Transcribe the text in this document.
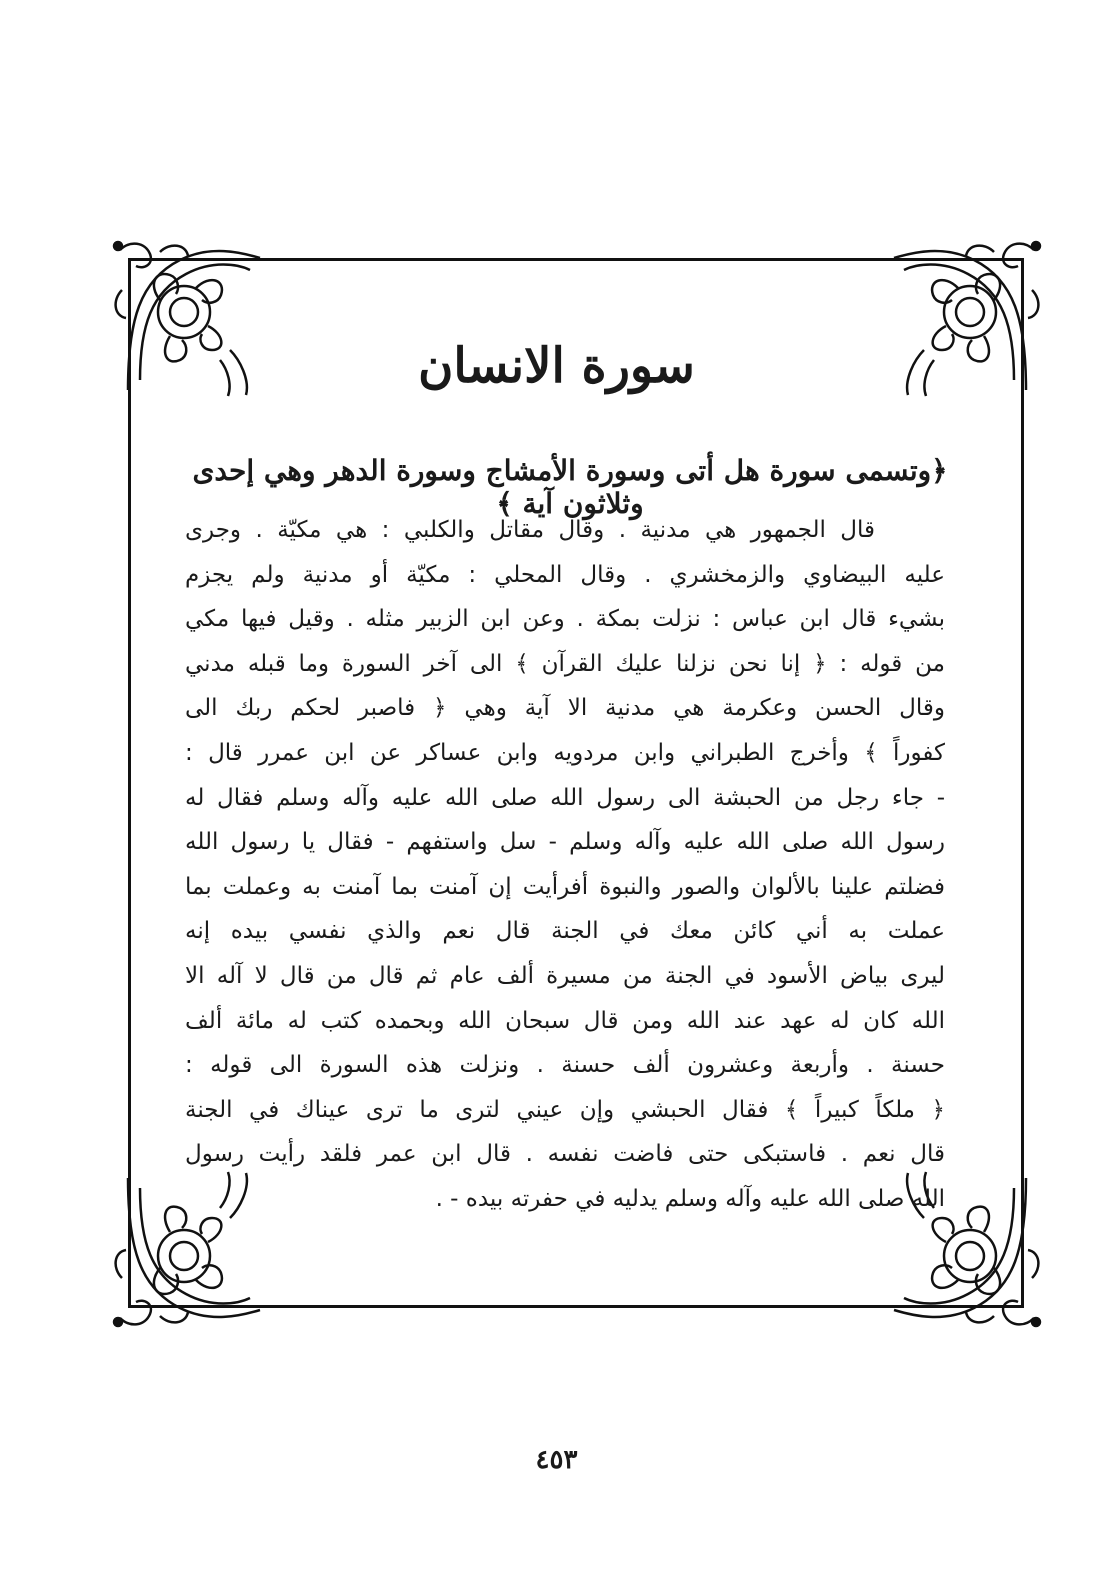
سورة الانسان
﴿وتسمى سورة هل أتى وسورة الأمشاج وسورة الدهر وهي إحدى وثلاثون آية ﴾
قال الجمهور هي مدنية . وقال مقاتل والكلبي : هي مكيّة . وجرى
عليه البيضاوي والزمخشري . وقال المحلي : مكيّة أو مدنية ولم يجزم
بشيء قال ابن عباس : نزلت بمكة . وعن ابن الزبير مثله . وقيل فيها مكي
من قوله : ﴿ إنا نحن نزلنا عليك القرآن ﴾ الى آخر السورة وما قبله مدني
وقال الحسن وعكرمة هي مدنية الا آية وهي ﴿ فاصبر لحكم ربك الى
كفوراً ﴾ وأخرج الطبراني وابن مردويه وابن عساكر عن ابن عمرر قال :
- جاء رجل من الحبشة الى رسول الله صلى الله عليه وآله وسلم فقال له
رسول الله صلى الله عليه وآله وسلم - سل واستفهم - فقال يا رسول الله
فضلتم علينا بالألوان والصور والنبوة أفرأيت إن آمنت بما آمنت به وعملت بما
عملت به أني كائن معك في الجنة قال نعم والذي نفسي بيده إنه
ليرى بياض الأسود في الجنة من مسيرة ألف عام ثم قال من قال لا آله الا
الله كان له عهد عند الله ومن قال سبحان الله وبحمده كتب له مائة ألف
حسنة . وأربعة وعشرون ألف حسنة . ونزلت هذه السورة الى قوله :
﴿ ملكاً كبيراً ﴾ فقال الحبشي وإن عيني لترى ما ترى عيناك في الجنة
قال نعم . فاستبكى حتى فاضت نفسه . قال ابن عمر فلقد رأيت رسول
الله صلى الله عليه وآله وسلم يدليه في حفرته بيده - .
٤٥٣
